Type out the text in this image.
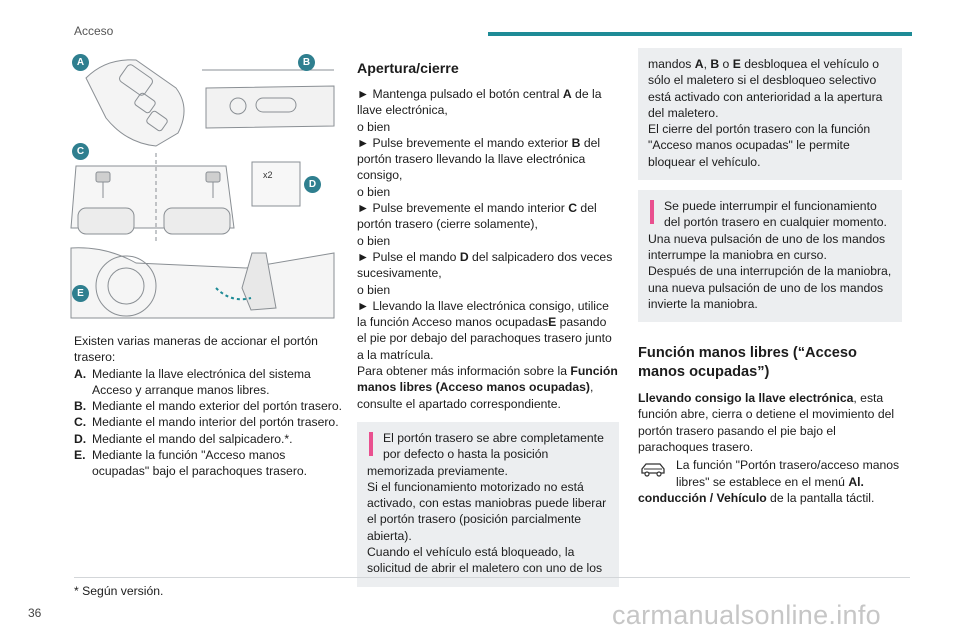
Acceso
x2
A	B
C
D
E
Existen varias maneras de accionar el portón trasero:
A. Mediante la llave electrónica del sistema Acceso y arranque manos libres.
B. Mediante el mando exterior del portón trasero.
C. Mediante el mando interior del portón trasero.
D. Mediante el mando del salpicadero.*.
E. Mediante la función "Acceso manos ocupadas" bajo el parachoques trasero.
Apertura/cierre
► Mantenga pulsado el botón central A de la llave electrónica,
o bien
► Pulse brevemente el mando exterior B del portón trasero llevando la llave electrónica consigo,
o bien
► Pulse brevemente el mando interior C del portón trasero (cierre solamente),
o bien
► Pulse el mando D del salpicadero dos veces sucesivamente,
o bien
► Llevando la llave electrónica consigo, utilice la función Acceso manos ocupadasE pasando el pie por debajo del parachoques trasero junto a la matrícula.
Para obtener más información sobre la Función manos libres (Acceso manos ocupadas), consulte el apartado correspondiente.
El portón trasero se abre completamente por defecto o hasta la posición memorizada previamente.
Si el funcionamiento motorizado no está activado, con estas maniobras puede liberar el portón trasero (posición parcialmente abierta).
Cuando el vehículo está bloqueado, la solicitud de abrir el maletero con uno de los
mandos A, B o E desbloquea el vehículo o sólo el maletero si el desbloqueo selectivo está activado con anterioridad a la apertura del maletero.
El cierre del portón trasero con la función "Acceso manos ocupadas" le permite bloquear el vehículo.
Se puede interrumpir el funcionamiento del portón trasero en cualquier momento.
Una nueva pulsación de uno de los mandos interrumpe la maniobra en curso.
Después de una interrupción de la maniobra, una nueva pulsación de uno de los mandos invierte la maniobra.
Función manos libres (“Acceso manos ocupadas”)
Llevando consigo la llave electrónica, esta función abre, cierra o detiene el movimiento del portón trasero pasando el pie bajo el parachoques trasero.
La función "Portón trasero/acceso manos libres" se establece en el menú Al. conducción / Vehículo de la pantalla táctil.
* Según versión.
36	carmanualsonline.info
